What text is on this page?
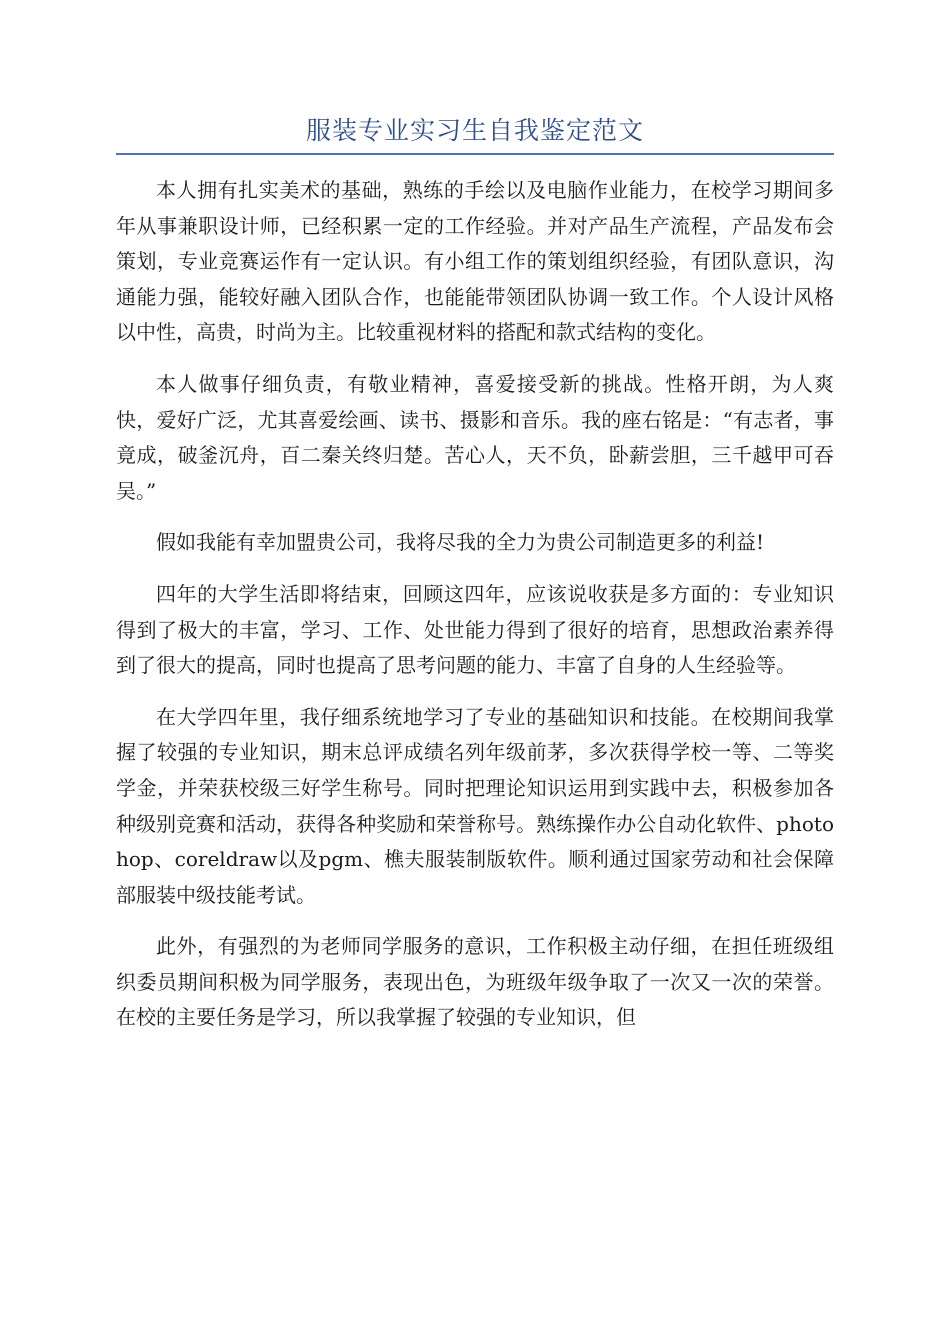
服装专业实习生自我鉴定范文

本人拥有扎实美术的基础，熟练的手绘以及电脑作业能力，在校学习期间多年从事兼职设计师，已经积累一定的工作经验。并对产品生产流程，产品发布会策划，专业竞赛运作有一定认识。有小组工作的策划组织经验，有团队意识，沟通能力强，能较好融入团队合作，也能能带领团队协调一致工作。个人设计风格以中性，高贵，时尚为主。比较重视材料的搭配和款式结构的变化。

本人做事仔细负责，有敬业精神，喜爱接受新的挑战。性格开朗，为人爽快，爱好广泛，尤其喜爱绘画、读书、摄影和音乐。我的座右铭是：“有志者，事竟成，破釜沉舟，百二秦关终归楚。苦心人，天不负，卧薪尝胆，三千越甲可吞吴。”

假如我能有幸加盟贵公司，我将尽我的全力为贵公司制造更多的利益!

四年的大学生活即将结束，回顾这四年，应该说收获是多方面的：专业知识得到了极大的丰富，学习、工作、处世能力得到了很好的培育，思想政治素养得到了很大的提高，同时也提高了思考问题的能力、丰富了自身的人生经验等。

在大学四年里，我仔细系统地学习了专业的基础知识和技能。在校期间我掌握了较强的专业知识，期末总评成绩名列年级前茅，多次获得学校一等、二等奖学金，并荣获校级三好学生称号。同时把理论知识运用到实践中去，积极参加各种级别竞赛和活动，获得各种奖励和荣誉称号。熟练操作办公自动化软件、photohop、coreldraw以及pgm、樵夫服装制版软件。顺利通过国家劳动和社会保障部服装中级技能考试。

此外，有强烈的为老师同学服务的意识，工作积极主动仔细，在担任班级组织委员期间积极为同学服务，表现出色，为班级年级争取了一次又一次的荣誉。在校的主要任务是学习，所以我掌握了较强的专业知识，但
